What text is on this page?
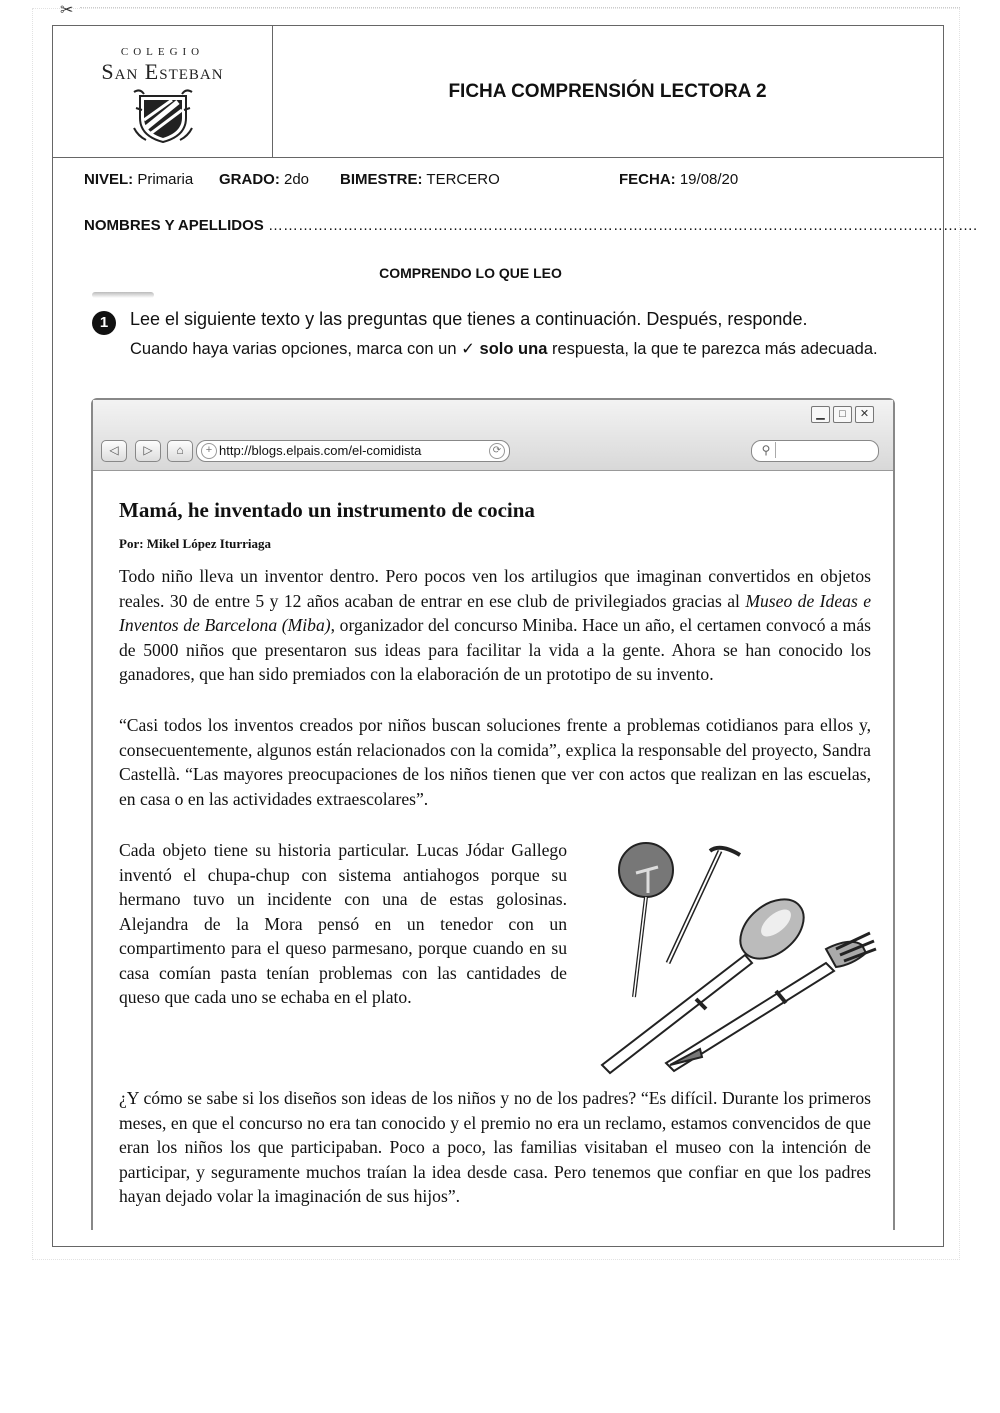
✂
COLEGIO
San Esteban
FICHA COMPRENSIÓN LECTORA 2
NIVEL: Primaria GRADO: 2do BIMESTRE: TERCERO	FECHA: 19/08/20
NOMBRES Y APELLIDOS …………………………………………………………………………………………………………………………….
COMPRENDO LO QUE LEO
1	Lee el siguiente texto y las preguntas que tienes a continuación. Después, responde.
Cuando haya varias opciones, marca con un ✓ solo una respuesta, la que te parezca más adecuada.
▁	□	✕
◁	▷	⌂	+ http://blogs.elpais.com/el-comidista	⟳	⚲
Mamá, he inventado un instrumento de cocina
Por: Mikel López Iturriaga

Todo niño lleva un inventor dentro. Pero pocos ven los artilugios que imaginan convertidos en objetos reales. 30 de entre 5 y 12 años acaban de entrar en ese club de privilegiados gracias al Museo de Ideas e Inventos de Barcelona (Miba), organizador del concurso Miniba. Hace un año, el certamen convocó a más de 5000 niños que presentaron sus ideas para facilitar la vida a la gente. Ahora se han conocido los ganadores, que han sido premiados con la elaboración de un prototipo de su invento.

“Casi todos los inventos creados por niños buscan soluciones frente a problemas cotidianos para ellos y, consecuentemente, algunos están relacionados con la comida”, explica la responsable del proyecto, Sandra Castellà. “Las mayores preocupaciones de los niños tienen que ver con actos que realizan en las escuelas, en casa o en las actividades extraescolares”.

Cada objeto tiene su historia particular. Lucas Jódar Gallego inventó el chupa-chup con sistema antiahogos porque su hermano tuvo un incidente con una de estas golosinas. Alejandra de la Mora pensó en un tenedor con un compartimento para el queso parmesano, porque cuando en su casa comían pasta tenían problemas con las cantidades de queso que cada uno se echaba en el plato.

¿Y cómo se sabe si los diseños son ideas de los niños y no de los padres? “Es difícil. Durante los primeros meses, en que el concurso no era tan conocido y el premio no era un reclamo, estamos convencidos de que eran los niños los que participaban. Poco a poco, las familias visitaban el museo con la intención de participar, y seguramente muchos traían la idea desde casa. Pero tenemos que confiar en que los padres hayan dejado volar la imaginación de sus hijos”.
